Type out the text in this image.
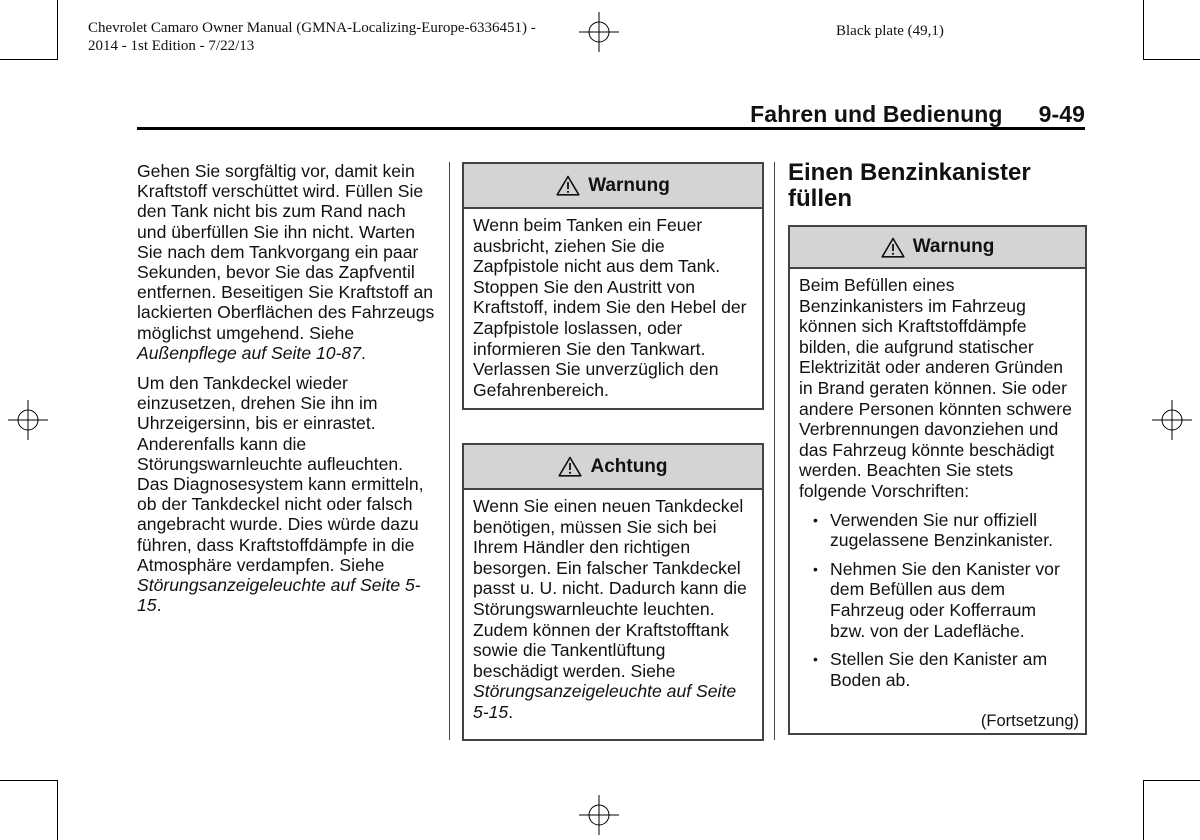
Chevrolet Camaro Owner Manual (GMNA-Localizing-Europe-6336451) -
2014 - 1st Edition - 7/22/13
Black plate (49,1)
Fahren und Bedienung 9-49

Gehen Sie sorgfältig vor, damit kein Kraftstoff verschüttet wird. Füllen Sie den Tank nicht bis zum Rand nach und überfüllen Sie ihn nicht. Warten Sie nach dem Tankvorgang ein paar Sekunden, bevor Sie das Zapfventil entfernen. Beseitigen Sie Kraftstoff an lackierten Oberflächen des Fahrzeugs möglichst umgehend. Siehe Außenpflege auf Seite 10-87.

Um den Tankdeckel wieder einzusetzen, drehen Sie ihn im Uhrzeigersinn, bis er einrastet. Anderenfalls kann die Störungswarnleuchte aufleuchten. Das Diagnosesystem kann ermitteln, ob der Tankdeckel nicht oder falsch angebracht wurde. Dies würde dazu führen, dass Kraftstoffdämpfe in die Atmosphäre verdampfen. Siehe Störungsanzeigeleuchte auf Seite 5-15.

Warnung

Wenn beim Tanken ein Feuer ausbricht, ziehen Sie die Zapfpistole nicht aus dem Tank. Stoppen Sie den Austritt von Kraftstoff, indem Sie den Hebel der Zapfpistole loslassen, oder informieren Sie den Tankwart. Verlassen Sie unverzüglich den Gefahrenbereich.

Achtung

Wenn Sie einen neuen Tankdeckel benötigen, müssen Sie sich bei Ihrem Händler den richtigen besorgen. Ein falscher Tankdeckel passt u. U. nicht. Dadurch kann die Störungswarnleuchte leuchten. Zudem können der Kraftstofftank sowie die Tankentlüftung beschädigt werden. Siehe Störungsanzeigeleuchte auf Seite 5-15.

Einen Benzinkanister füllen
Warnung

Beim Befüllen eines Benzinkanisters im Fahrzeug können sich Kraftstoffdämpfe bilden, die aufgrund statischer Elektrizität oder anderen Gründen in Brand geraten können. Sie oder andere Personen könnten schwere Verbrennungen davonziehen und das Fahrzeug könnte beschädigt werden. Beachten Sie stets folgende Vorschriften:

• Verwenden Sie nur offiziell zugelassene Benzinkanister.
• Nehmen Sie den Kanister vor dem Befüllen aus dem Fahrzeug oder Kofferraum bzw. von der Ladefläche.
• Stellen Sie den Kanister am Boden ab.
(Fortsetzung)
